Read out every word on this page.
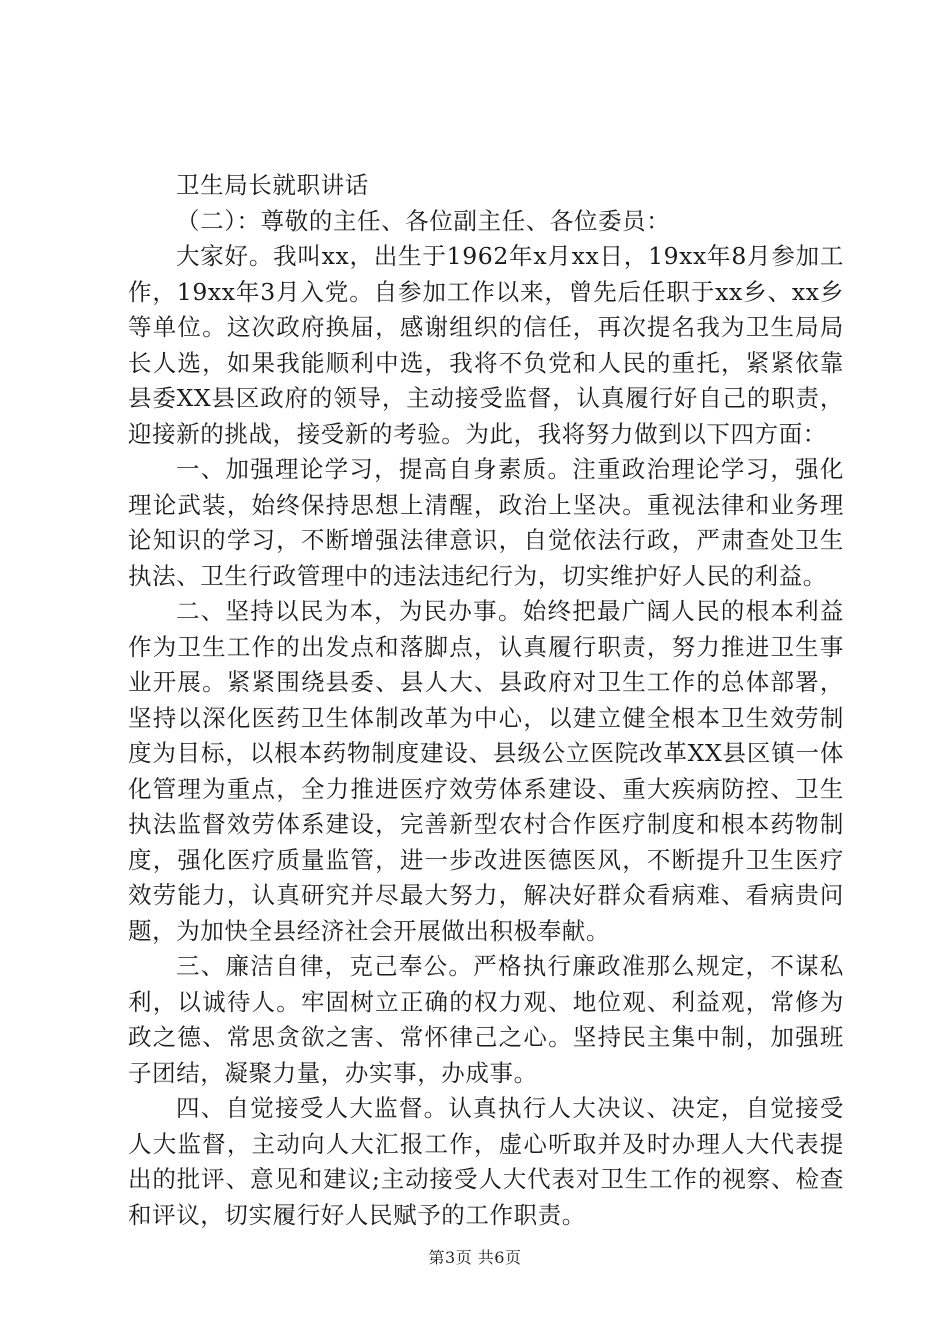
卫生局长就职讲话

（二）：尊敬的主任、各位副主任、各位委员：

大家好。我叫xx，出生于1962年x月xx日，19xx年8月参加工作，19xx年3月入党。自参加工作以来，曾先后任职于xx乡、xx乡等单位。这次政府换届，感谢组织的信任，再次提名我为卫生局局长人选，如果我能顺利中选，我将不负党和人民的重托，紧紧依靠县委XX县区政府的领导，主动接受监督，认真履行好自己的职责，迎接新的挑战，接受新的考验。为此，我将努力做到以下四方面：

一、加强理论学习，提高自身素质。注重政治理论学习，强化理论武装，始终保持思想上清醒，政治上坚决。重视法律和业务理论知识的学习，不断增强法律意识，自觉依法行政，严肃查处卫生执法、卫生行政管理中的违法违纪行为，切实维护好人民的利益。

二、坚持以民为本，为民办事。始终把最广阔人民的根本利益作为卫生工作的出发点和落脚点，认真履行职责，努力推进卫生事业开展。紧紧围绕县委、县人大、县政府对卫生工作的总体部署，坚持以深化医药卫生体制改革为中心，以建立健全根本卫生效劳制度为目标，以根本药物制度建设、县级公立医院改革XX县区镇一体化管理为重点，全力推进医疗效劳体系建设、重大疾病防控、卫生执法监督效劳体系建设，完善新型农村合作医疗制度和根本药物制度，强化医疗质量监管，进一步改进医德医风，不断提升卫生医疗效劳能力，认真研究并尽最大努力，解决好群众看病难、看病贵问题，为加快全县经济社会开展做出积极奉献。

三、廉洁自律，克己奉公。严格执行廉政准那么规定，不谋私利，以诚待人。牢固树立正确的权力观、地位观、利益观，常修为政之德、常思贪欲之害、常怀律己之心。坚持民主集中制，加强班子团结，凝聚力量，办实事，办成事。

四、自觉接受人大监督。认真执行人大决议、决定，自觉接受人大监督，主动向人大汇报工作，虚心听取并及时办理人大代表提出的批评、意见和建议;主动接受人大代表对卫生工作的视察、检查和评议，切实履行好人民赋予的工作职责。

第3页 共6页
